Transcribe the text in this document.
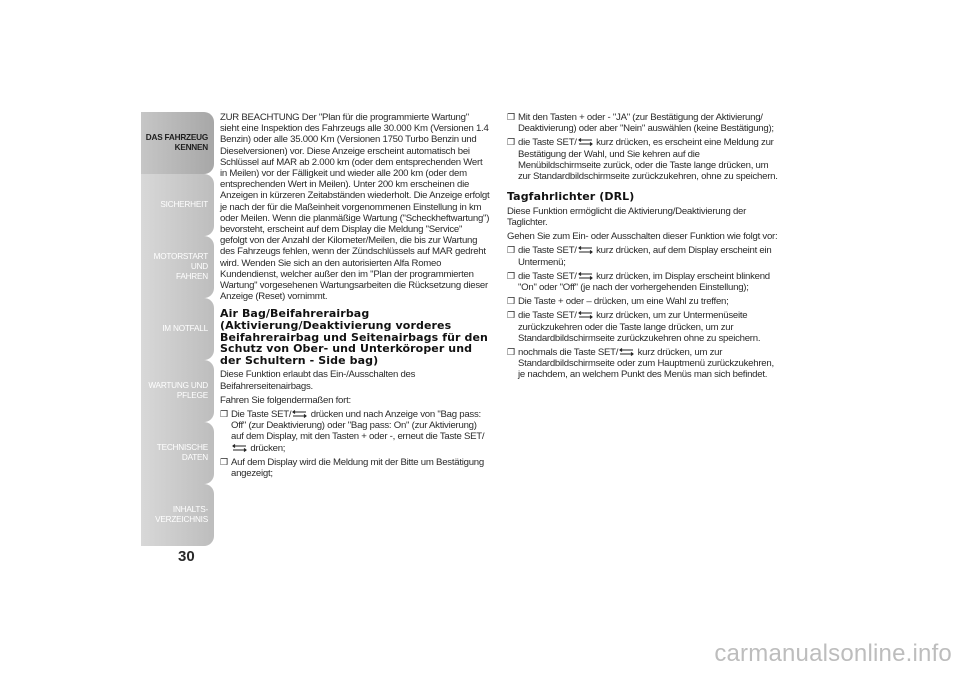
DAS FAHRZEUG
KENNEN
SICHERHEIT
MOTORSTART UND
FAHREN
IM NOTFALL
WARTUNG UND
PFLEGE
TECHNISCHE DATEN
INHALTS-
VERZEICHNIS
30

ZUR BEACHTUNG Der "Plan für die programmierte Wartung" sieht eine Inspektion des Fahrzeugs alle 30.000 Km (Versionen 1.4 Benzin) oder alle 35.000 Km (Versionen 1750 Turbo Benzin und Dieselversionen) vor. Diese Anzeige erscheint automatisch bei Schlüssel auf MAR ab 2.000 km (oder dem entsprechenden Wert in Meilen) vor der Fälligkeit und wieder alle 200 km (oder dem entsprechenden Wert in Meilen). Unter 200 km erscheinen die Anzeigen in kürzeren Zeitabständen wiederholt. Die Anzeige erfolgt je nach der für die Maßeinheit vorgenommenen Einstellung in km oder Meilen. Wenn die planmäßige Wartung ("Scheckheftwartung") bevorsteht, erscheint auf dem Display die Meldung "Service" gefolgt von der Anzahl der Kilometer/Meilen, die bis zur Wartung des Fahrzeugs fehlen, wenn der Zündschlüssels auf MAR gedreht wird. Wenden Sie sich an den autorisierten Alfa Romeo Kundendienst, welcher außer den im "Plan der programmierten Wartung" vorgesehenen Wartungsarbeiten die Rücksetzung dieser Anzeige (Reset) vornimmt.

Air Bag/Beifahrerairbag (Aktivierung/Deaktivierung vorderes Beifahrerairbag und Seitenairbags für den Schutz von Ober- und Unterköroper und der Schultern - Side bag)

Diese Funktion erlaubt das Ein-/Ausschalten des Beifahrerseitenairbags.

Fahren Sie folgendermaßen fort:

❒ Die Taste SET/ drücken und nach Anzeige von "Bag pass: Off" (zur Deaktivierung) oder "Bag pass: On" (zur Aktivierung) auf dem Display, mit den Tasten + oder -, erneut die Taste SET/ drücken;
❒ Auf dem Display wird die Meldung mit der Bitte um Bestätigung angezeigt;
❒ Mit den Tasten + oder - "JA" (zur Bestätigung der Aktivierung/ Deaktivierung) oder aber "Nein" auswählen (keine Bestätigung);
❒ die Taste SET/ kurz drücken, es erscheint eine Meldung zur Bestätigung der Wahl, und Sie kehren auf die Menübildschirmseite zurück, oder die Taste lange drücken, um zur Standardbildschirmseite zurückzukehren, ohne zu speichern.
Tagfahrlichter (DRL)

Diese Funktion ermöglicht die Aktivierung/Deaktivierung der Taglichter.

Gehen Sie zum Ein- oder Ausschalten dieser Funktion wie folgt vor:

❒ die Taste SET/ kurz drücken, auf dem Display erscheint ein Untermenü;
❒ die Taste SET/ kurz drücken, im Display erscheint blinkend "On" oder "Off" (je nach der vorhergehenden Einstellung);
❒ Die Taste + oder – drücken, um eine Wahl zu treffen;
❒ die Taste SET/ kurz drücken, um zur Untermenüseite zurückzukehren oder die Taste lange drücken, um zur Standardbildschirmseite zurückzukehren ohne zu speichern.
❒ nochmals die Taste SET/ kurz drücken, um zur Standardbildschirmseite oder zum Hauptmenü zurückzukehren, je nachdem, an welchem Punkt des Menüs man sich befindet.
carmanualsonline.info
